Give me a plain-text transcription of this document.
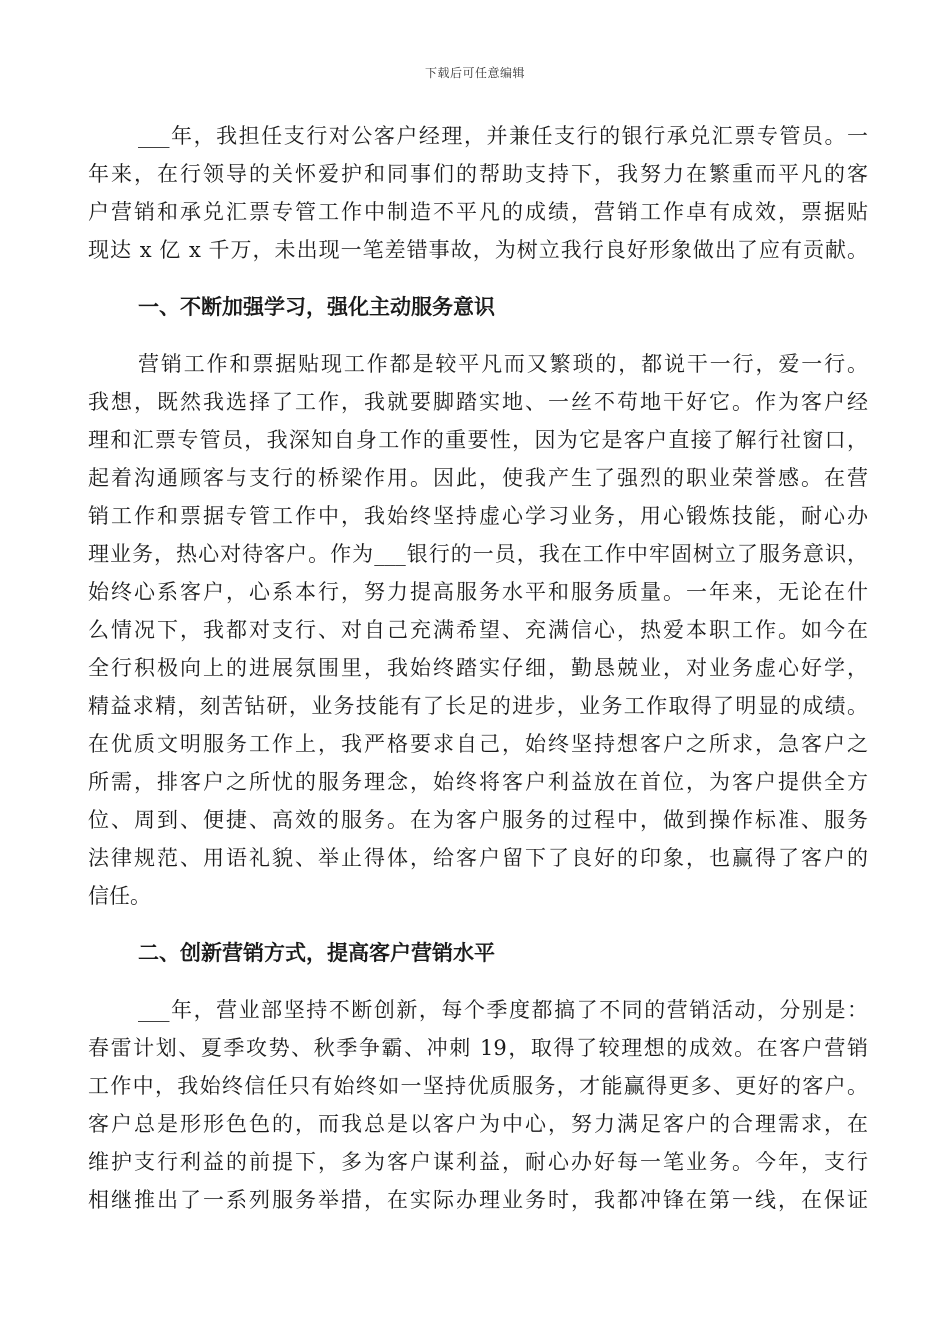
下载后可任意编辑
___年，我担任支行对公客户经理，并兼任支行的银行承兑汇票专管员。一
年来，在行领导的关怀爱护和同事们的帮助支持下，我努力在繁重而平凡的客
户营销和承兑汇票专管工作中制造不平凡的成绩，营销工作卓有成效，票据贴
现达 x 亿 x 千万，未出现一笔差错事故，为树立我行良好形象做出了应有贡献。
一、不断加强学习，强化主动服务意识
营销工作和票据贴现工作都是较平凡而又繁琐的，都说干一行，爱一行。
我想，既然我选择了工作，我就要脚踏实地、一丝不苟地干好它。作为客户经
理和汇票专管员，我深知自身工作的重要性，因为它是客户直接了解行社窗口，
起着沟通顾客与支行的桥梁作用。因此，使我产生了强烈的职业荣誉感。在营
销工作和票据专管工作中，我始终坚持虚心学习业务，用心锻炼技能，耐心办
理业务，热心对待客户。作为___银行的一员，我在工作中牢固树立了服务意识，
始终心系客户，心系本行，努力提高服务水平和服务质量。一年来，无论在什
么情况下，我都对支行、对自己充满希望、充满信心，热爱本职工作。如今在
全行积极向上的进展氛围里，我始终踏实仔细，勤恳兢业，对业务虚心好学，
精益求精，刻苦钻研，业务技能有了长足的进步，业务工作取得了明显的成绩。
在优质文明服务工作上，我严格要求自己，始终坚持想客户之所求，急客户之
所需，排客户之所忧的服务理念，始终将客户利益放在首位，为客户提供全方
位、周到、便捷、高效的服务。在为客户服务的过程中，做到操作标准、服务
法律规范、用语礼貌、举止得体，给客户留下了良好的印象，也赢得了客户的
信任。
二、创新营销方式，提高客户营销水平
___年，营业部坚持不断创新，每个季度都搞了不同的营销活动，分别是：
春雷计划、夏季攻势、秋季争霸、冲刺 19，取得了较理想的成效。在客户营销
工作中，我始终信任只有始终如一坚持优质服务，才能赢得更多、更好的客户。
客户总是形形色色的，而我总是以客户为中心，努力满足客户的合理需求，在
维护支行利益的前提下，多为客户谋利益，耐心办好每一笔业务。今年，支行
相继推出了一系列服务举措，在实际办理业务时，我都冲锋在第一线，在保证
